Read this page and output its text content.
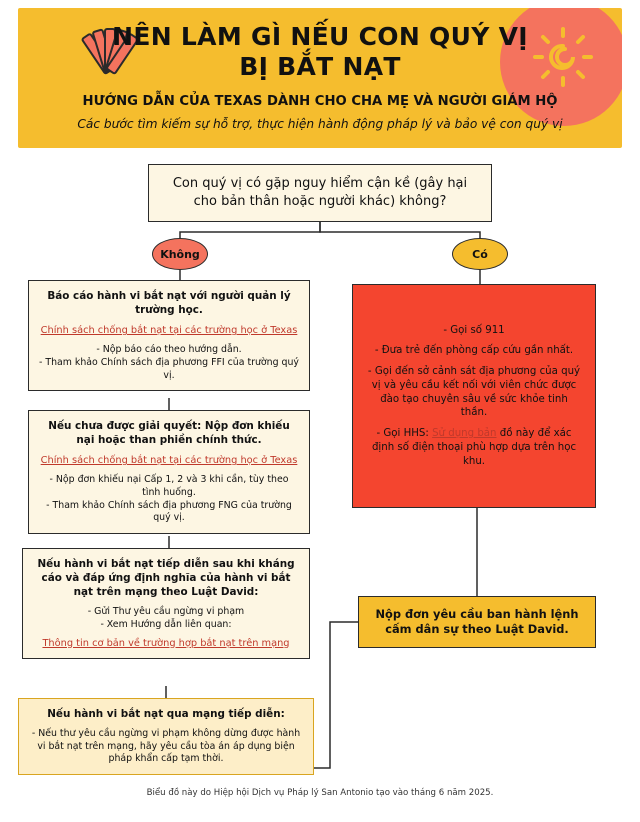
NÊN LÀM GÌ NẾU CON QUÝ VỊ BỊ BẮT NẠT
HƯỚNG DẪN CỦA TEXAS DÀNH CHO CHA MẸ VÀ NGƯỜI GIÁM HỘ
Các bước tìm kiếm sự hỗ trợ, thực hiện hành động pháp lý và bảo vệ con quý vị
Con quý vị có gặp nguy hiểm cận kề (gây hại cho bản thân hoặc người khác) không?
Không	Có
Báo cáo hành vi bắt nạt với người quản lý trường học.
Chính sách chống bắt nạt tại các trường học ở Texas
- Nộp báo cáo theo hướng dẫn.
- Tham khảo Chính sách địa phương FFI của trường quý vị.
Nếu chưa được giải quyết: Nộp đơn khiếu nại hoặc than phiền chính thức.
Chính sách chống bắt nạt tại các trường học ở Texas
- Nộp đơn khiếu nại Cấp 1, 2 và 3 khi cần, tùy theo tình huống.
- Tham khảo Chính sách địa phương FNG của trường quý vị.
Nếu hành vi bắt nạt tiếp diễn sau khi kháng cáo và đáp ứng định nghĩa của hành vi bắt nạt trên mạng theo Luật David:
- Gửi Thư yêu cầu ngừng vi phạm
- Xem Hướng dẫn liên quan:
Thông tin cơ bản về trường hợp bắt nạt trên mạng
Nếu hành vi bắt nạt qua mạng tiếp diễn:
- Nếu thư yêu cầu ngừng vi phạm không dừng được hành vi bắt nạt trên mạng, hãy yêu cầu tòa án áp dụng biện pháp khẩn cấp tạm thời.
- Gọi số 911
- Đưa trẻ đến phòng cấp cứu gần nhất.
- Gọi đến sở cảnh sát địa phương của quý vị và yêu cầu kết nối với viên chức được đào tạo chuyên sâu về sức khỏe tinh thần.
- Gọi HHS: Sử dụng bản đồ này để xác định số điện thoại phù hợp dựa trên học khu.
Nộp đơn yêu cầu ban hành lệnh cấm dân sự theo Luật David.
Biểu đồ này do Hiệp hội Dịch vụ Pháp lý San Antonio tạo vào tháng 6 năm 2025.
